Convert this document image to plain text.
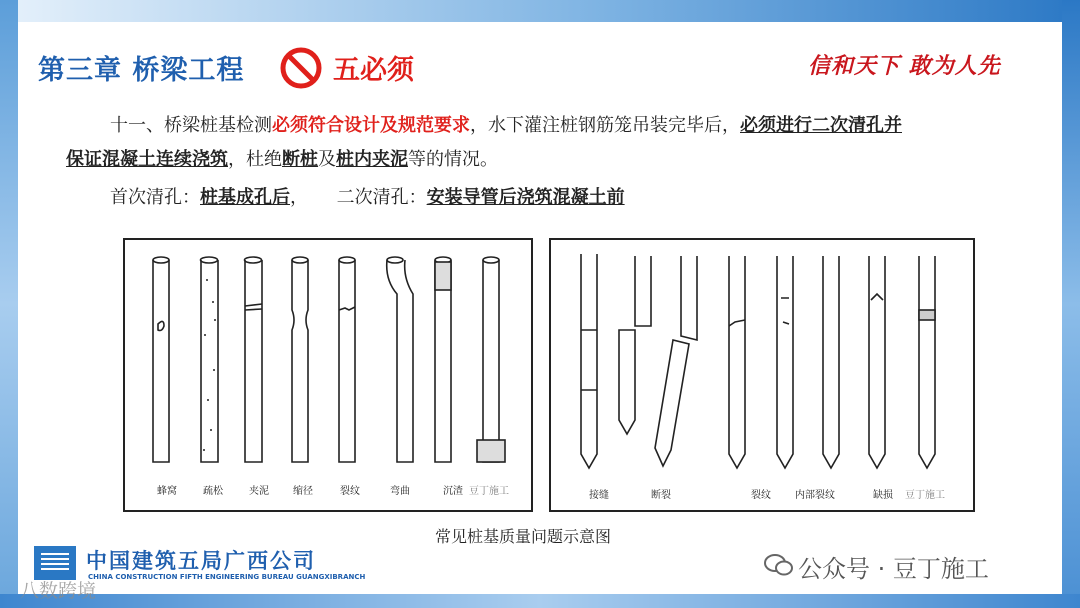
第三章 桥梁工程	五必须	信和天下 敢为人先
十一、桥梁桩基检测必须符合设计及规范要求，水下灌注桩钢筋笼吊装完毕后，必须进行二次清孔并
保证混凝土连续浇筑，杜绝断桩及桩内夹泥等的情况。
首次清孔：桩基成孔后，     二次清孔：安装导管后浇筑混凝土前
蜂窝	疏松	夹泥 缩径	裂纹	弯曲	沉渣 豆丁施工	接缝	断裂	裂纹 内部裂纹	缺损 豆丁施工
常见桩基质量问题示意图
中国建筑五局广西公司
CHINA CONSTRUCTION FIFTH ENGINEERING BUREAU GUANGXIBRANCH
八数跨境
公众号 · 豆丁施工
